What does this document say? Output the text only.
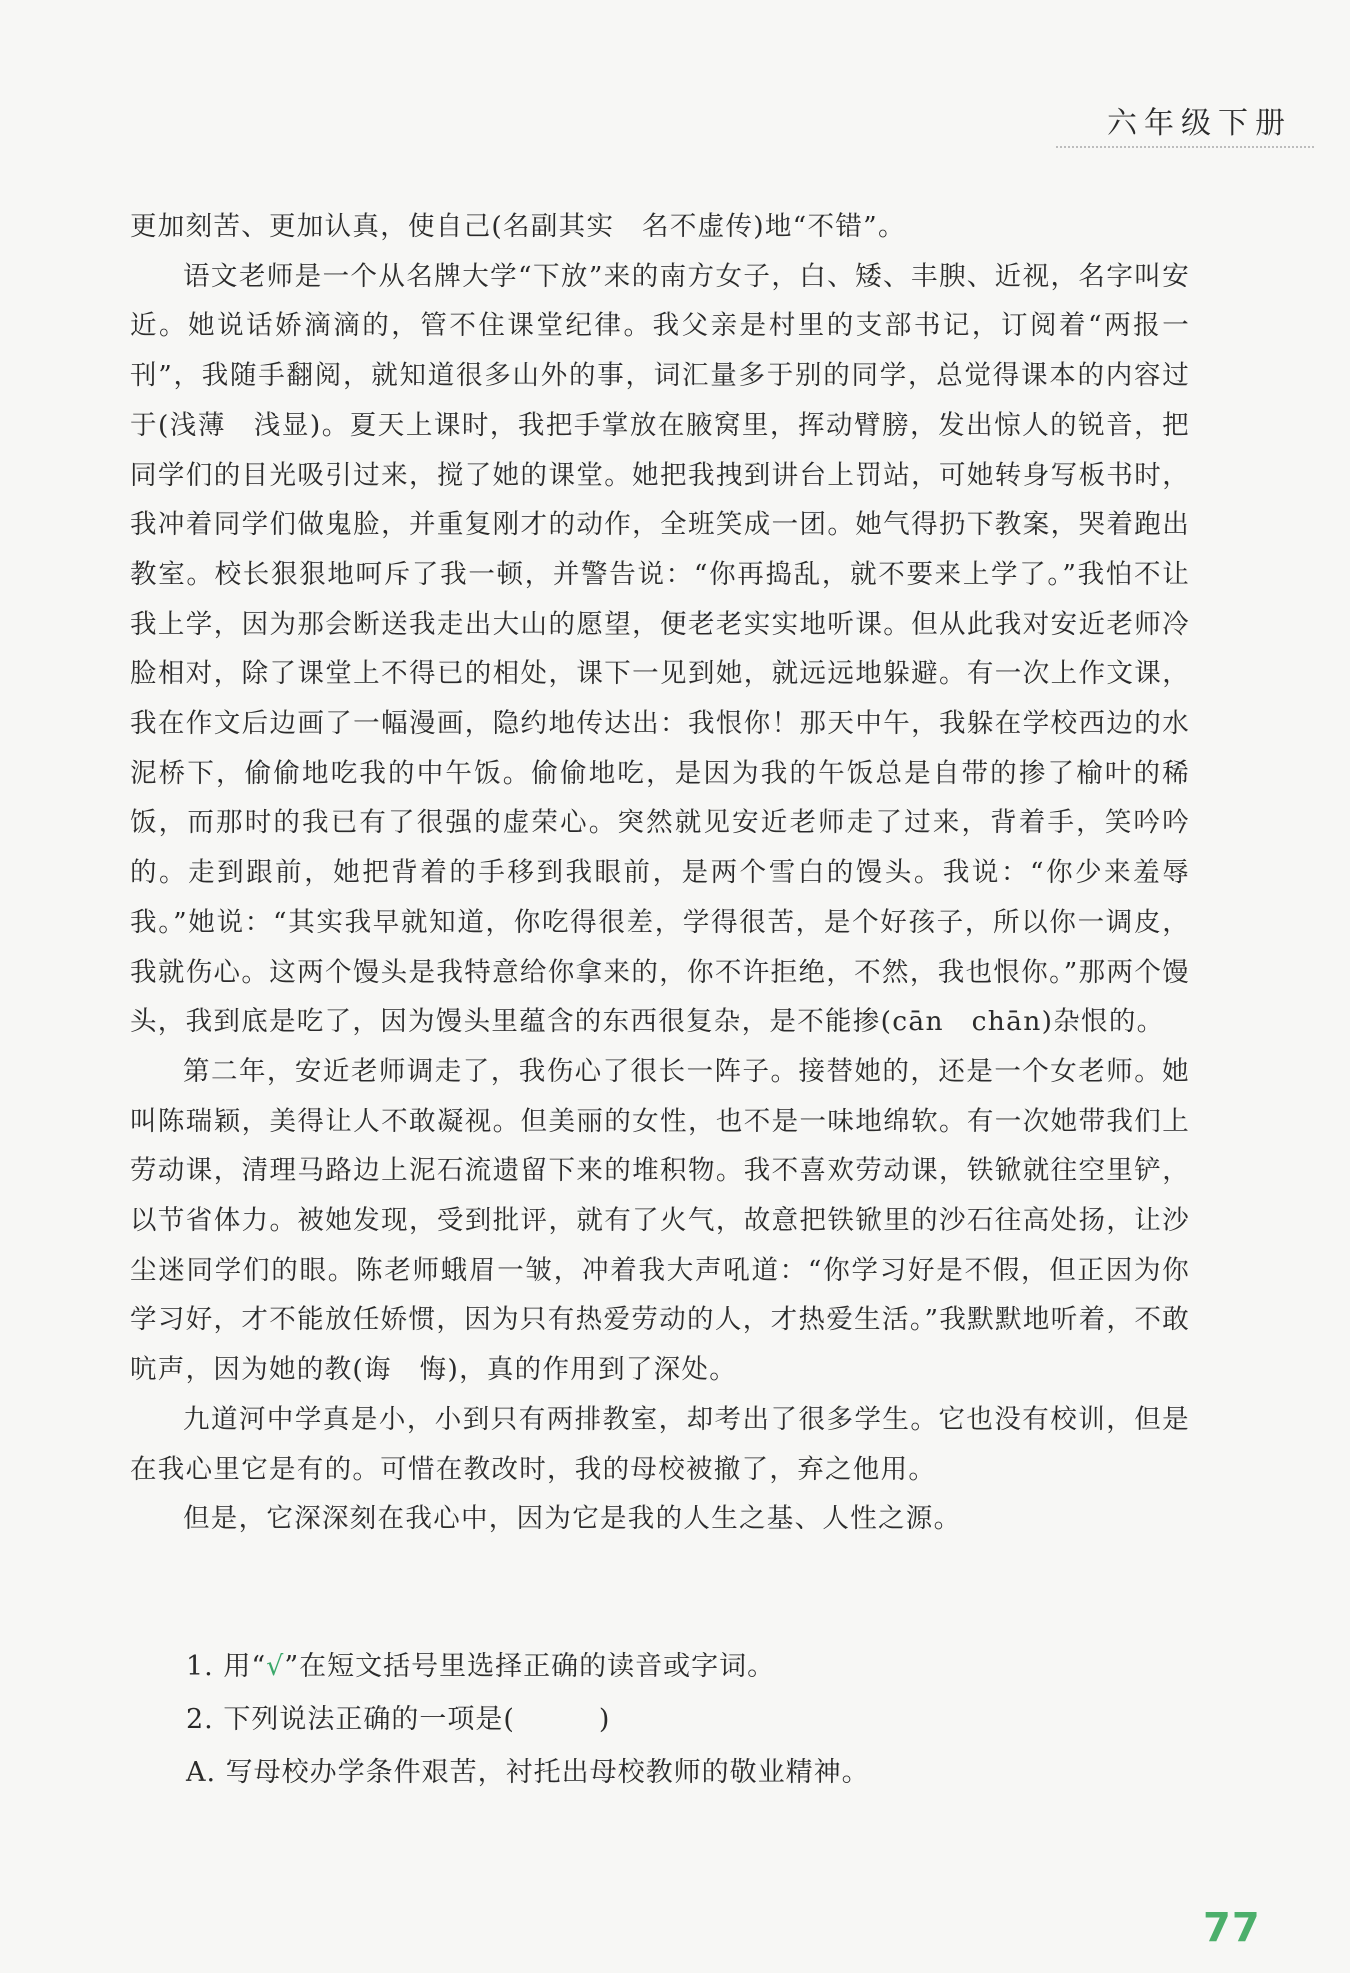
六年级下册

更加刻苦、更加认真，使自己(名副其实　名不虚传)地“不错”。

语文老师是一个从名牌大学“下放”来的南方女子，白、矮、丰腴、近视，名字叫安近。她说话娇滴滴的，管不住课堂纪律。我父亲是村里的支部书记，订阅着“两报一刊”，我随手翻阅，就知道很多山外的事，词汇量多于别的同学，总觉得课本的内容过于(浅薄　浅显)。夏天上课时，我把手掌放在腋窝里，挥动臂膀，发出惊人的锐音，把同学们的目光吸引过来，搅了她的课堂。她把我拽到讲台上罚站，可她转身写板书时，我冲着同学们做鬼脸，并重复刚才的动作，全班笑成一团。她气得扔下教案，哭着跑出教室。校长狠狠地呵斥了我一顿，并警告说：“你再捣乱，就不要来上学了。”我怕不让我上学，因为那会断送我走出大山的愿望，便老老实实地听课。但从此我对安近老师冷脸相对，除了课堂上不得已的相处，课下一见到她，就远远地躲避。有一次上作文课，我在作文后边画了一幅漫画，隐约地传达出：我恨你！那天中午，我躲在学校西边的水泥桥下，偷偷地吃我的中午饭。偷偷地吃，是因为我的午饭总是自带的掺了榆叶的稀饭，而那时的我已有了很强的虚荣心。突然就见安近老师走了过来，背着手，笑吟吟的。走到跟前，她把背着的手移到我眼前，是两个雪白的馒头。我说：“你少来羞辱我。”她说：“其实我早就知道，你吃得很差，学得很苦，是个好孩子，所以你一调皮，我就伤心。这两个馒头是我特意给你拿来的，你不许拒绝，不然，我也恨你。”那两个馒头，我到底是吃了，因为馒头里蕴含的东西很复杂，是不能掺(cān　chān)杂恨的。

第二年，安近老师调走了，我伤心了很长一阵子。接替她的，还是一个女老师。她叫陈瑞颖，美得让人不敢凝视。但美丽的女性，也不是一味地绵软。有一次她带我们上劳动课，清理马路边上泥石流遗留下来的堆积物。我不喜欢劳动课，铁锨就往空里铲，以节省体力。被她发现，受到批评，就有了火气，故意把铁锨里的沙石往高处扬，让沙尘迷同学们的眼。陈老师蛾眉一皱，冲着我大声吼道：“你学习好是不假，但正因为你学习好，才不能放任娇惯，因为只有热爱劳动的人，才热爱生活。”我默默地听着，不敢吭声，因为她的教(诲　悔)，真的作用到了深处。

九道河中学真是小，小到只有两排教室，却考出了很多学生。它也没有校训，但是在我心里它是有的。可惜在教改时，我的母校被撤了，弃之他用。

但是，它深深刻在我心中，因为它是我的人生之基、人性之源。

1. 用“√”在短文括号里选择正确的读音或字词。
2. 下列说法正确的一项是(　　　)
A. 写母校办学条件艰苦，衬托出母校教师的敬业精神。
77
